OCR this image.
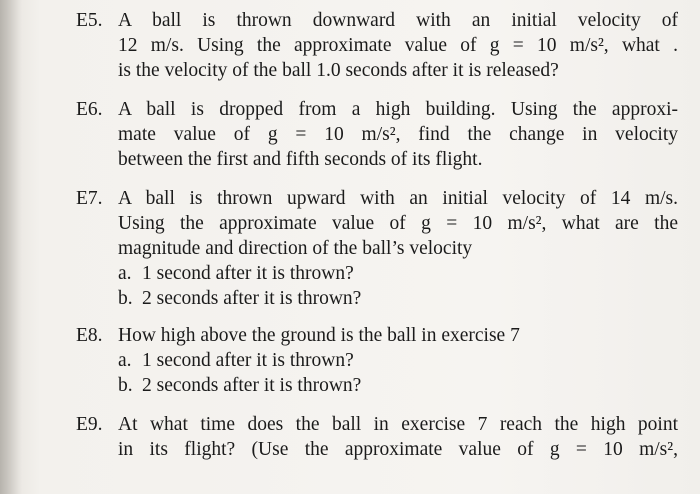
E5. A ball is thrown downward with an initial velocity of
12 m/s. Using the approximate value of g = 10 m/s², what .
is the velocity of the ball 1.0 seconds after it is released?
E6. A ball is dropped from a high building. Using the approxi-
mate value of g = 10 m/s², find the change in velocity
between the first and fifth seconds of its flight.
E7. A ball is thrown upward with an initial velocity of 14 m/s.
Using the approximate value of g = 10 m/s², what are the
magnitude and direction of the ball’s velocity
a. 1 second after it is thrown?
b. 2 seconds after it is thrown?
E8. How high above the ground is the ball in exercise 7
a. 1 second after it is thrown?
b. 2 seconds after it is thrown?
E9. At what time does the ball in exercise 7 reach the high point
in its flight? (Use the approximate value of g = 10 m/s²,
